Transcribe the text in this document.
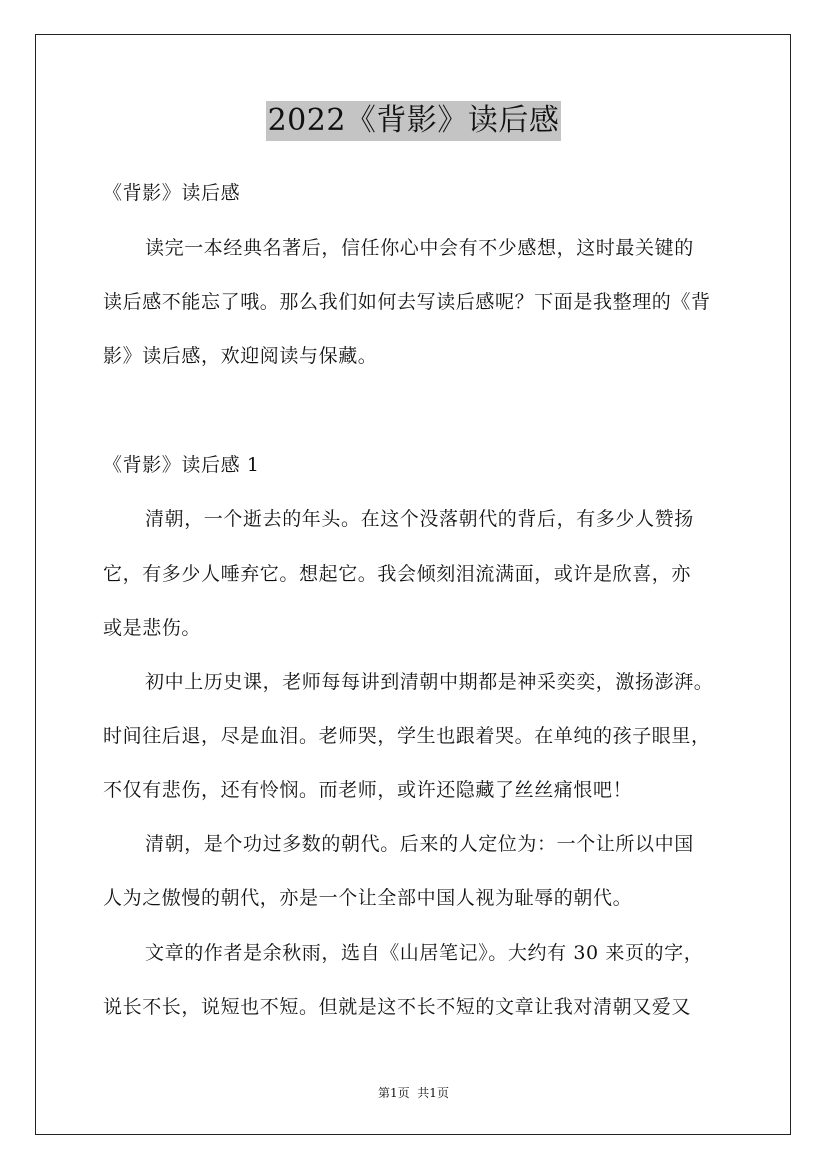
2022《背影》读后感
《背影》读后感
读完一本经典名著后，信任你心中会有不少感想，这时最关键的
读后感不能忘了哦。那么我们如何去写读后感呢？下面是我整理的《背
影》读后感，欢迎阅读与保藏。
《背影》读后感 1
清朝，一个逝去的年头。在这个没落朝代的背后，有多少人赞扬
它，有多少人唾弃它。想起它。我会倾刻泪流满面，或许是欣喜，亦
或是悲伤。
初中上历史课，老师每每讲到清朝中期都是神采奕奕，激扬澎湃。
时间往后退，尽是血泪。老师哭，学生也跟着哭。在单纯的孩子眼里，
不仅有悲伤，还有怜悯。而老师，或许还隐藏了丝丝痛恨吧！
清朝，是个功过多数的朝代。后来的人定位为：一个让所以中国
人为之傲慢的朝代，亦是一个让全部中国人视为耻辱的朝代。
文章的作者是余秋雨，选自《山居笔记》。大约有 30 来页的字，
说长不长，说短也不短。但就是这不长不短的文章让我对清朝又爱又
第1页  共1页
